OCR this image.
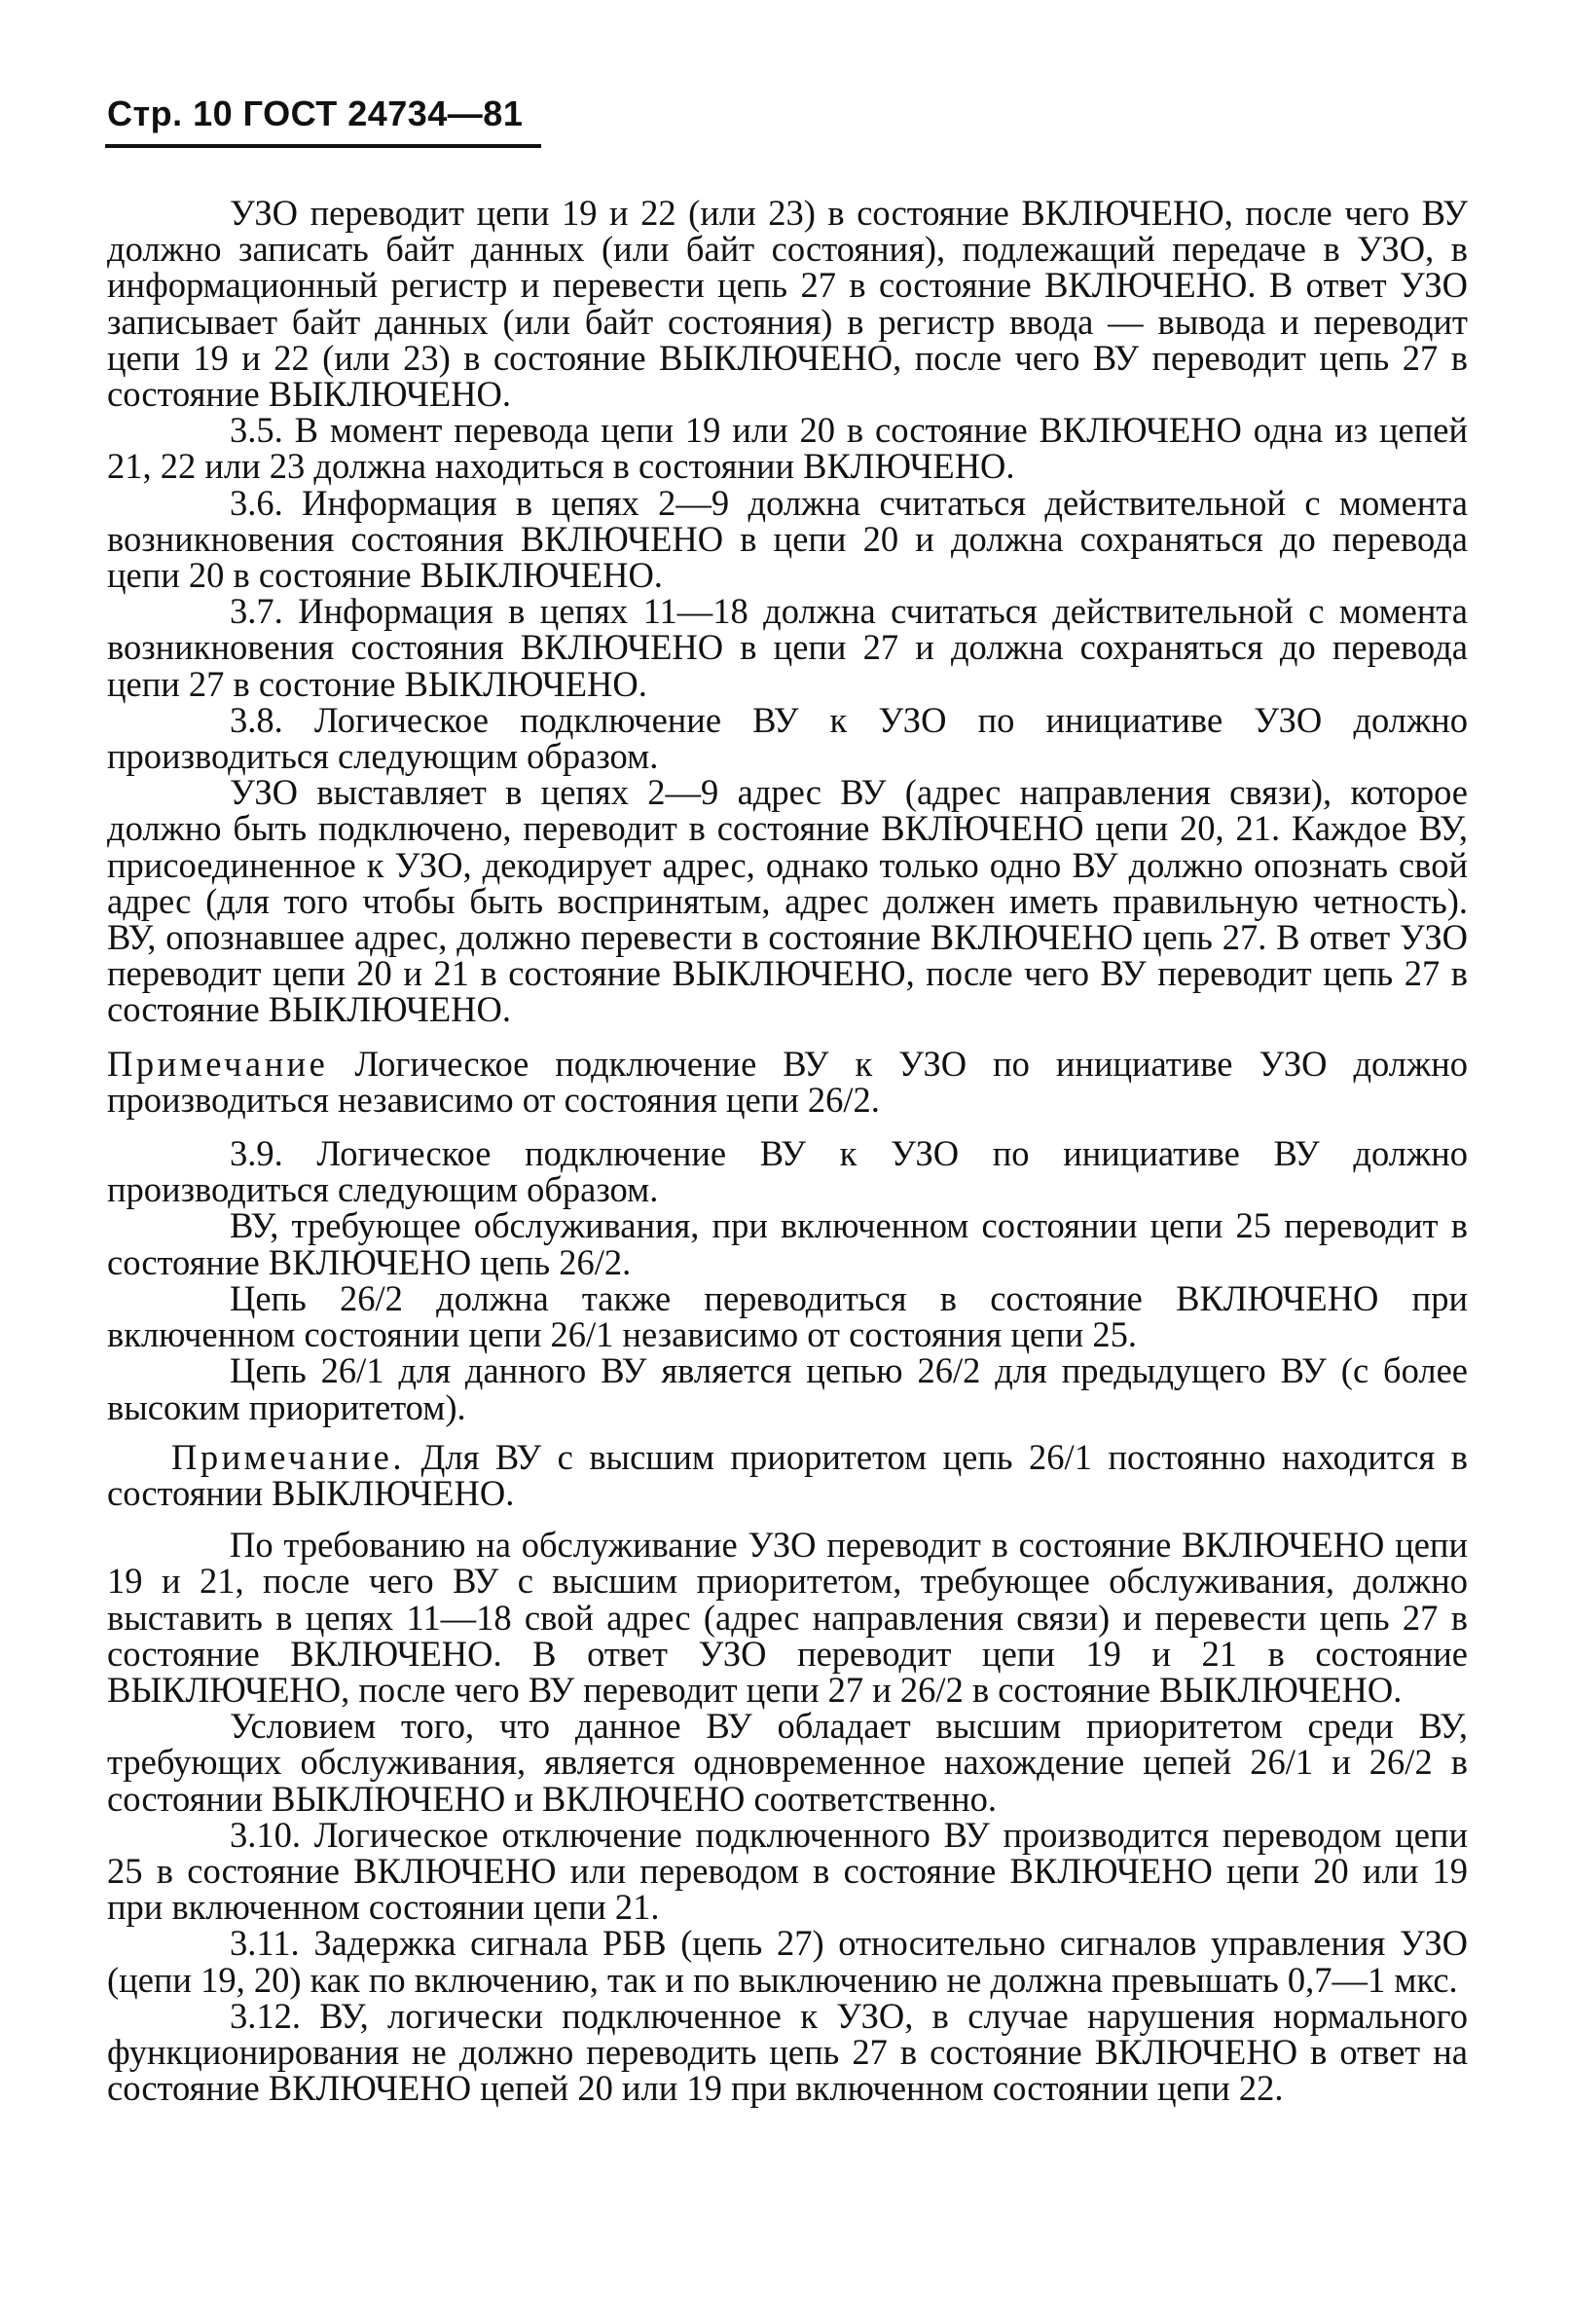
Стр. 10 ГОСТ 24734—81

УЗО переводит цепи 19 и 22 (или 23) в состояние ВКЛЮЧЕНО, после чего ВУ должно записать байт данных (или байт состояния), подлежащий передаче в УЗО, в информационный регистр и перевести цепь 27 в состояние ВКЛЮЧЕНО. В ответ УЗО записывает байт данных (или байт состояния) в регистр ввода — вывода и переводит цепи 19 и 22 (или 23) в состояние ВЫКЛЮЧЕНО, после чего ВУ переводит цепь 27 в состояние ВЫКЛЮЧЕНО.

3.5. В момент перевода цепи 19 или 20 в состояние ВКЛЮЧЕНО одна из цепей 21, 22 или 23 должна находиться в состоянии ВКЛЮЧЕНО.

3.6. Информация в цепях 2—9 должна считаться действительной с момента возникновения состояния ВКЛЮЧЕНО в цепи 20 и должна сохраняться до перевода цепи 20 в состояние ВЫКЛЮЧЕНО.

3.7. Информация в цепях 11—18 должна считаться действительной с момента возникновения состояния ВКЛЮЧЕНО в цепи 27 и должна сохраняться до перевода цепи 27 в состоние ВЫКЛЮЧЕНО.

3.8. Логическое подключение ВУ к УЗО по инициативе УЗО должно производиться следующим образом.

УЗО выставляет в цепях 2—9 адрес ВУ (адрес направления связи), которое должно быть подключено, переводит в состояние ВКЛЮЧЕНО цепи 20, 21. Каждое ВУ, присоединенное к УЗО, декодирует адрес, однако только одно ВУ должно опознать свой адрес (для того чтобы быть воспринятым, адрес должен иметь правильную четность). ВУ, опознавшее адрес, должно перевести в состояние ВКЛЮЧЕНО цепь 27. В ответ УЗО переводит цепи 20 и 21 в состояние ВЫКЛЮЧЕНО, после чего ВУ переводит цепь 27 в состояние ВЫКЛЮЧЕНО.

Примечание Логическое подключение ВУ к УЗО по инициативе УЗО должно производиться независимо от состояния цепи 26/2.

3.9. Логическое подключение ВУ к УЗО по инициативе ВУ должно производиться следующим образом.

ВУ, требующее обслуживания, при включенном состоянии цепи 25 переводит в состояние ВКЛЮЧЕНО цепь 26/2.

Цепь 26/2 должна также переводиться в состояние ВКЛЮЧЕНО при включенном состоянии цепи 26/1 независимо от состояния цепи 25.

Цепь 26/1 для данного ВУ является цепью 26/2 для предыдущего ВУ (с более высоким приоритетом).

Примечание. Для ВУ с высшим приоритетом цепь 26/1 постоянно находится в состоянии ВЫКЛЮЧЕНО.

По требованию на обслуживание УЗО переводит в состояние ВКЛЮЧЕНО цепи 19 и 21, после чего ВУ с высшим приоритетом, требующее обслуживания, должно выставить в цепях 11—18 свой адрес (адрес направления связи) и перевести цепь 27 в состояние ВКЛЮЧЕНО. В ответ УЗО переводит цепи 19 и 21 в состояние ВЫКЛЮЧЕНО, после чего ВУ переводит цепи 27 и 26/2 в состояние ВЫКЛЮЧЕНО.

Условием того, что данное ВУ обладает высшим приоритетом среди ВУ, требующих обслуживания, является одновременное нахождение цепей 26/1 и 26/2 в состоянии ВЫКЛЮЧЕНО и ВКЛЮЧЕНО соответственно.

3.10. Логическое отключение подключенного ВУ производится переводом цепи 25 в состояние ВКЛЮЧЕНО или переводом в состояние ВКЛЮЧЕНО цепи 20 или 19 при включенном состоянии цепи 21.

3.11. Задержка сигнала РБВ (цепь 27) относительно сигналов управления УЗО (цепи 19, 20) как по включению, так и по выключению не должна превышать 0,7—1 мкс.

3.12. ВУ, логически подключенное к УЗО, в случае нарушения нормального функционирования не должно переводить цепь 27 в состояние ВКЛЮЧЕНО в ответ на состояние ВКЛЮЧЕНО цепей 20 или 19 при включенном состоянии цепи 22.
